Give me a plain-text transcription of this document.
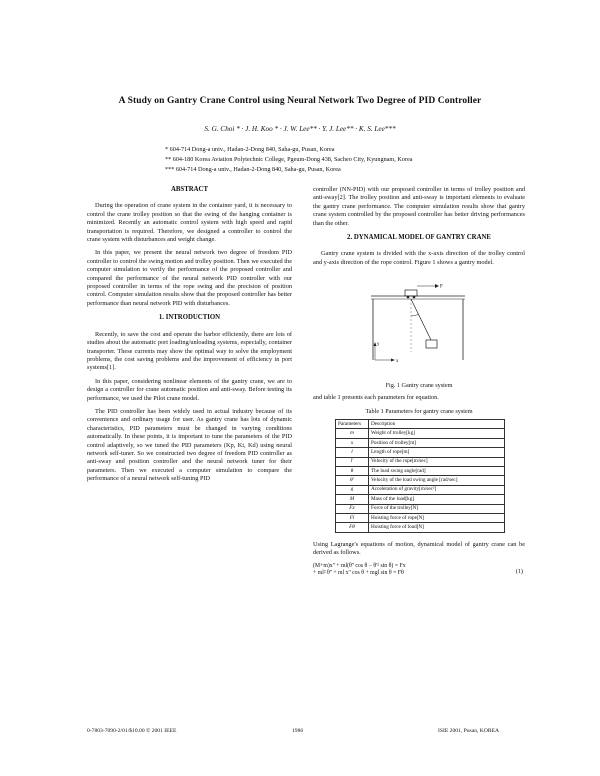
A Study on Gantry Crane Control using Neural Network Two Degree of PID Controller
S. G. Choi * · J. H. Koo * · J. W. Lee** · Y. J. Lee** · K. S. Lee***
* 604-714 Dong-a univ., Hadan-2-Dong 840, Saha-gu, Pusan, Korea
** 604-180 Korea Aviation Polytechnic College, Pgeum-Dong 438, Sacheo City, Kyungnam, Korea
*** 604-714 Dong-a univ., Hadan-2-Dong 840, Saha-gu, Pusan, Korea
ABSTRACT

During the operation of crane system in the container yard, it is necessary to control the crane trolley position so that the swing of the hanging container is minimized. Recently an automatic control system with high speed and rapid transportation is required. Therefore, we designed a controller to control the crane system with disturbances and weight change.

In this paper, we present the neural network two degree of freedom PID controller to control the swing motion and trolley position. Then we executed the computer simulation to verify the performance of the proposed controller and compared the performance of the neural network PID controller with our proposed controller in terms of the rope swing and the precision of position control. Computer simulation results show that the proposed controller has better performance than neural network PID with disturbances.

1. INTRODUCTION

Recently, to save the cost and operate the harbor efficiently, there are lots of studies about the automatic port loading/unloading systems, especially, container transporter. These currents may show the optimal way to solve the employment problems, the cost saving problems and the improvement of efficiency in port systems[1].

In this paper, considering nonlinear elements of the gantry crane, we are to design a controller for crane automatic position and anti-sway. Before testing its performance, we used the Pilot crane model.

The PID controller has been widely used in actual industry because of its convenience and ordinary usage for user. As gantry crane has lots of dynamic characteristics, PID parameters must be changed in varying conditions automatically. In these points, it is important to tune the parameters of the PID control adaptively, so we tuned the PID parameters (Kp, Ki, Kd) using neural network self-tuner. So we constructed two degree of freedom PID controller as anti-sway and position controller and the neural network tuner for their parameters. Then we executed a computer simulation to compare the performance of a neural network self-tuning PID

controller (NN-PID) with our proposed controller in terms of trolley position and anti-sway[2]. The trolley position and anti-sway is important elements to evaluate the gantry crane performance. The computer simulation results show that gantry crane system controlled by the proposed controller has better driving performances than the other.

2. DYNAMICAL MODEL OF GANTRY CRANE

Gantry crane system is divided with the x-axis direction of the trolley control and y-axis direction of the rope control. Figure 1 shows a gantry model.

F
x
y
Fig. 1 Gantry crane system

and table 1 presents each parameters for equation.

Table 1 Parameters for gantry crane system
Parameters	Description
m	Weight of trolley[kg]
x	Position of trolley[m]
l	Length of rope[m]
l'	Velocity of the rope[m/sec]
θ	The load swing angle[rad]
θ'	Velocity of the load swing angle [rad/sec]
g	Acceleration of gravity[m/sec²]
M	Mass of the load[kg]
Fx	Force of the trolley[N]
Fl	Hoisting force of rope[N]
Fθ	Hoisting force of load[N]

Using Lagrange's equations of motion, dynamical model of gantry crane can be derived as follows.

(M+m)x'' + ml(θ'' cos θ − θ'² sin θ) = Fx
+ ml² θ'' + ml x'' cos θ + mgl sin θ = Fθ	(1)
0-7803-7090-2/01/$10.00 © 2001 IEEE	1986	ISIE 2001, Pusan, KOREA
